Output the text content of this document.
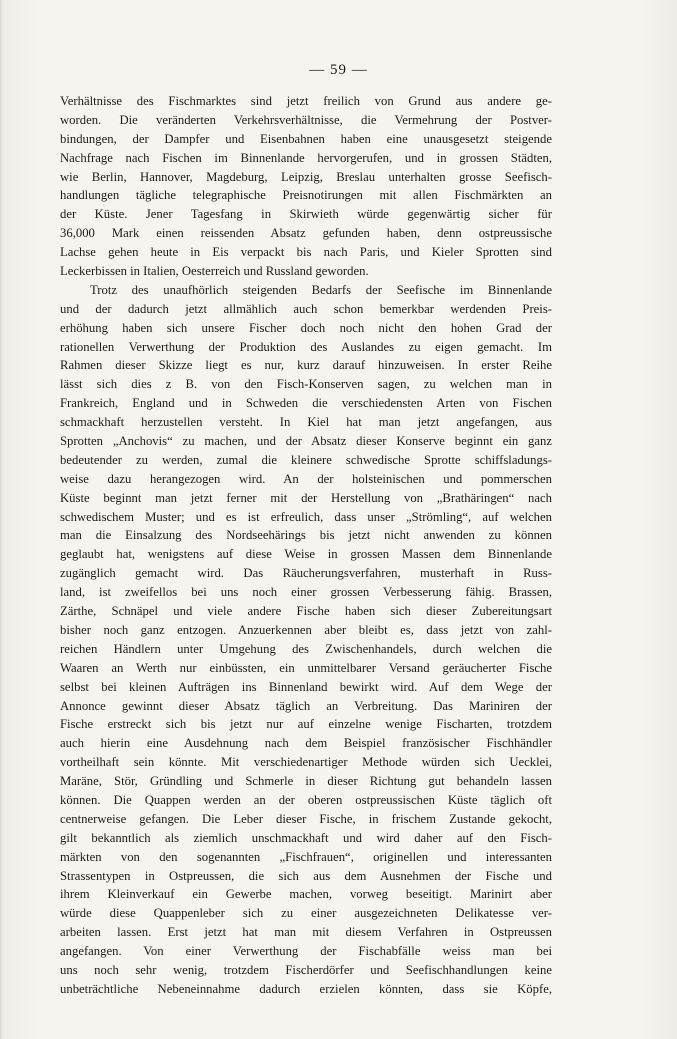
— 59 —
Verhältnisse des Fischmarktes sind jetzt freilich von Grund aus andere ge-
worden. Die veränderten Verkehrsverhältnisse, die Vermehrung der Postver-
bindungen, der Dampfer und Eisenbahnen haben eine unausgesetzt steigende
Nachfrage nach Fischen im Binnenlande hervorgerufen, und in grossen Städten,
wie Berlin, Hannover, Magdeburg, Leipzig, Breslau unterhalten grosse Seefisch-
handlungen tägliche telegraphische Preisnotirungen mit allen Fischmärkten an
der Küste. Jener Tagesfang in Skirwieth würde gegenwärtig sicher für
36,000 Mark einen reissenden Absatz gefunden haben, denn ostpreussische
Lachse gehen heute in Eis verpackt bis nach Paris, und Kieler Sprotten sind
Leckerbissen in Italien, Oesterreich und Russland geworden.
Trotz des unaufhörlich steigenden Bedarfs der Seefische im Binnenlande
und der dadurch jetzt allmählich auch schon bemerkbar werdenden Preis-
erhöhung haben sich unsere Fischer doch noch nicht den hohen Grad der
rationellen Verwerthung der Produktion des Auslandes zu eigen gemacht. Im
Rahmen dieser Skizze liegt es nur, kurz darauf hinzuweisen. In erster Reihe
lässt sich dies z B. von den Fisch-Konserven sagen, zu welchen man in
Frankreich, England und in Schweden die verschiedensten Arten von Fischen
schmackhaft herzustellen versteht. In Kiel hat man jetzt angefangen, aus
Sprotten „Anchovis“ zu machen, und der Absatz dieser Konserve beginnt ein ganz
bedeutender zu werden, zumal die kleinere schwedische Sprotte schiffsladungs-
weise dazu herangezogen wird. An der holsteinischen und pommerschen
Küste beginnt man jetzt ferner mit der Herstellung von „Brathäringen“ nach
schwedischem Muster; und es ist erfreulich, dass unser „Strömling“, auf welchen
man die Einsalzung des Nordseehärings bis jetzt nicht anwenden zu können
geglaubt hat, wenigstens auf diese Weise in grossen Massen dem Binnenlande
zugänglich gemacht wird. Das Räucherungsverfahren, musterhaft in Russ-
land, ist zweifellos bei uns noch einer grossen Verbesserung fähig. Brassen,
Zärthe, Schnäpel und viele andere Fische haben sich dieser Zubereitungsart
bisher noch ganz entzogen. Anzuerkennen aber bleibt es, dass jetzt von zahl-
reichen Händlern unter Umgehung des Zwischenhandels, durch welchen die
Waaren an Werth nur einbüssten, ein unmittelbarer Versand geräucherter Fische
selbst bei kleinen Aufträgen ins Binnenland bewirkt wird. Auf dem Wege der
Annonce gewinnt dieser Absatz täglich an Verbreitung. Das Mariniren der
Fische erstreckt sich bis jetzt nur auf einzelne wenige Fischarten, trotzdem
auch hierin eine Ausdehnung nach dem Beispiel französischer Fischhändler
vortheilhaft sein könnte. Mit verschiedenartiger Methode würden sich Uecklei,
Maräne, Stör, Gründling und Schmerle in dieser Richtung gut behandeln lassen
können. Die Quappen werden an der oberen ostpreussischen Küste täglich oft
centnerweise gefangen. Die Leber dieser Fische, in frischem Zustande gekocht,
gilt bekanntlich als ziemlich unschmackhaft und wird daher auf den Fisch-
märkten von den sogenannten „Fischfrauen“, originellen und interessanten
Strassentypen in Ostpreussen, die sich aus dem Ausnehmen der Fische und
ihrem Kleinverkauf ein Gewerbe machen, vorweg beseitigt. Marinirt aber
würde diese Quappenleber sich zu einer ausgezeichneten Delikatesse ver-
arbeiten lassen. Erst jetzt hat man mit diesem Verfahren in Ostpreussen
angefangen. Von einer Verwerthung der Fischabfälle weiss man bei
uns noch sehr wenig, trotzdem Fischerdörfer und Seefischhandlungen keine
unbeträchtliche Nebeneinnahme dadurch erzielen könnten, dass sie Köpfe,
